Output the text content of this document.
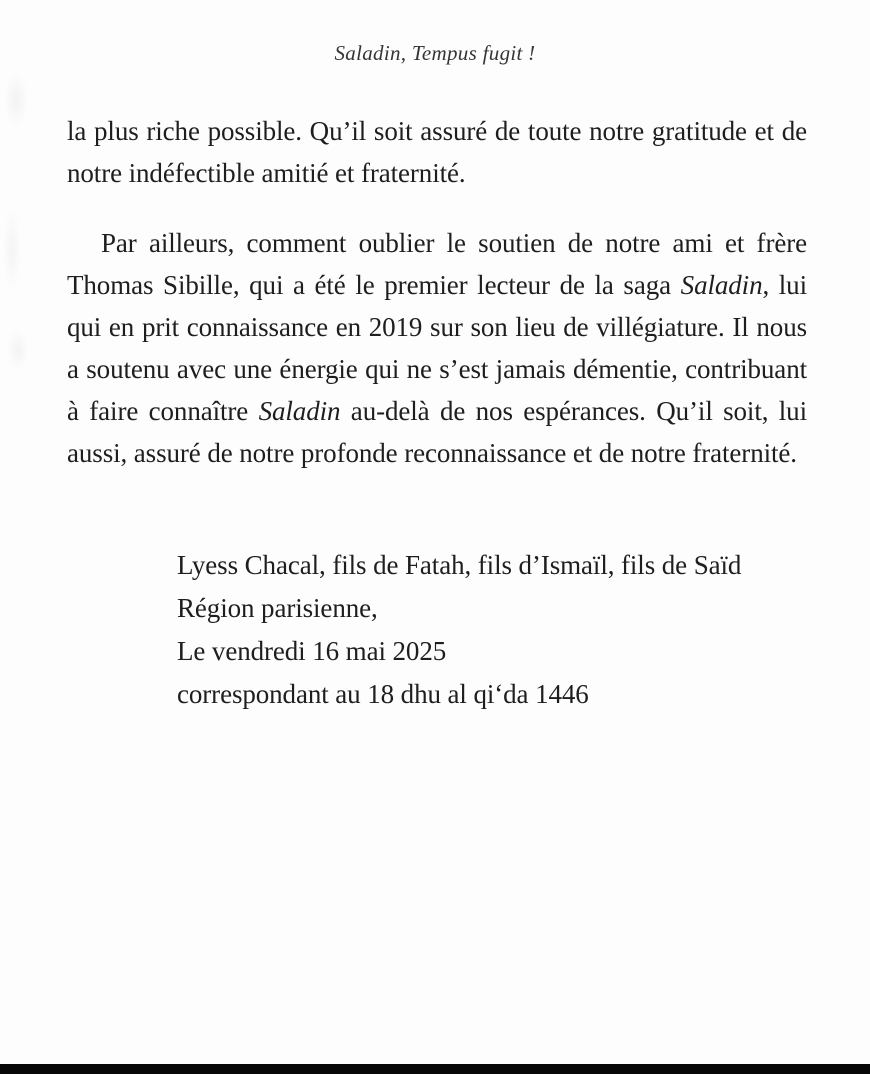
Saladin, Tempus fugit !

la plus riche possible. Qu’il soit assuré de toute notre gratitude et de notre indéfectible amitié et fraternité.

Par ailleurs, comment oublier le soutien de notre ami et frère Thomas Sibille, qui a été le premier lecteur de la saga Saladin, lui qui en prit connaissance en 2019 sur son lieu de villégiature. Il nous a soutenu avec une énergie qui ne s’est jamais démentie, contribuant à faire connaître Saladin au-delà de nos espérances. Qu’il soit, lui aussi, assuré de notre profonde reconnaissance et de notre fraternité.

Lyess Chacal, fils de Fatah, fils d’Ismaïl, fils de Saïd
Région parisienne,
Le vendredi 16 mai 2025
correspondant au 18 dhu al qi‘da 1446
